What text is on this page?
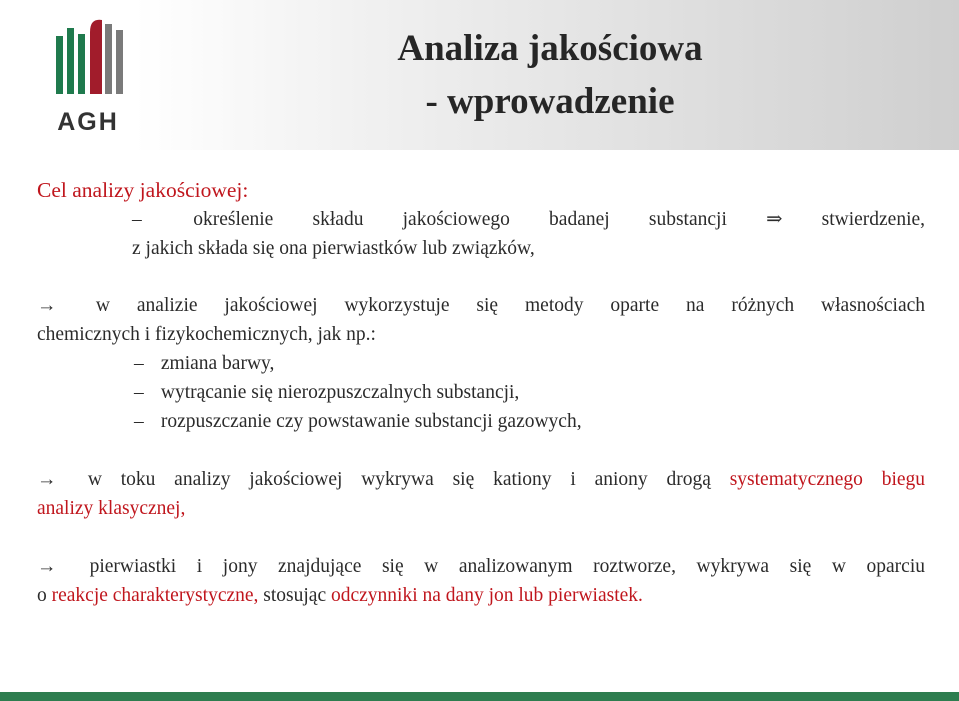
AGH
Analiza jakościowa
- wprowadzenie

Cel analizy jakościowej:

–	określenie składu jakościowego badanej substancji ⇒ stwierdzenie,

z jakich składa się ona pierwiastków lub związków,

→ w analizie jakościowej wykorzystuje się metody oparte na różnych własnościach

chemicznych i fizykochemicznych, jak np.:

– zmiana barwy,

– wytrącanie się nierozpuszczalnych substancji,

– rozpuszczanie czy powstawanie substancji gazowych,

→ w toku analizy jakościowej wykrywa się kationy i aniony drogą systematycznego biegu

analizy klasycznej,

→ pierwiastki i jony znajdujące się w analizowanym roztworze, wykrywa się w oparciu

o reakcje charakterystyczne, stosując odczynniki na dany jon lub pierwiastek.
